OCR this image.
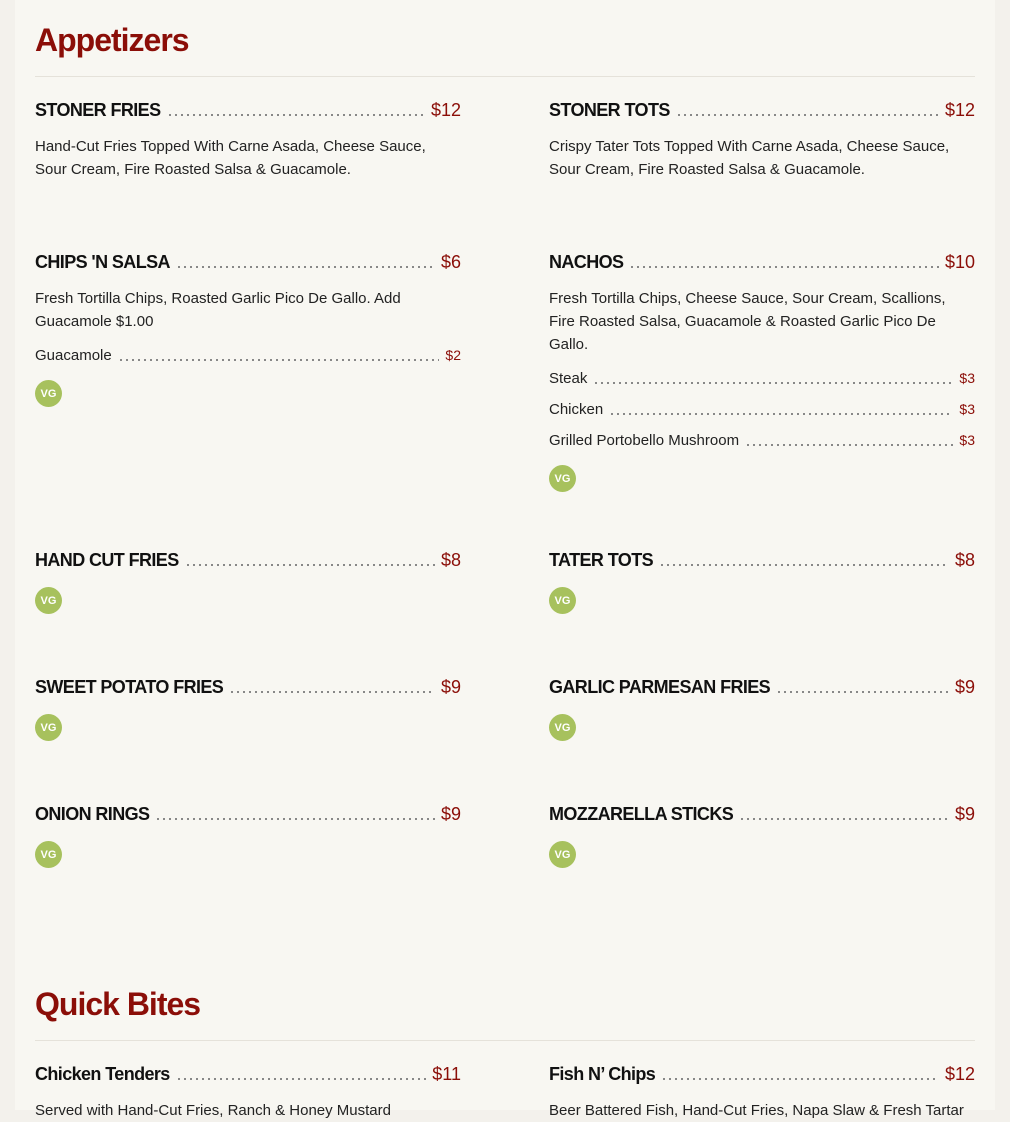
Appetizers
STONER FRIES	$12
Hand-Cut Fries Topped With Carne Asada, Cheese Sauce, Sour Cream, Fire Roasted Salsa & Guacamole.
STONER TOTS	$12
Crispy Tater Tots Topped With Carne Asada, Cheese Sauce, Sour Cream, Fire Roasted Salsa & Guacamole.
CHIPS 'N SALSA	$6
Fresh Tortilla Chips, Roasted Garlic Pico De Gallo. Add Guacamole $1.00
Guacamole	$2
VG
NACHOS	$10
Fresh Tortilla Chips, Cheese Sauce, Sour Cream, Scallions, Fire Roasted Salsa, Guacamole & Roasted Garlic Pico De Gallo.
Steak	$3
Chicken	$3
Grilled Portobello Mushroom	$3
VG
HAND CUT FRIES	$8
VG
TATER TOTS	$8
VG
SWEET POTATO FRIES	$9
VG
GARLIC PARMESAN FRIES	$9
VG
ONION RINGS	$9
VG
MOZZARELLA STICKS	$9
VG
Quick Bites
Chicken Tenders	$11
Served with Hand-Cut Fries, Ranch & Honey Mustard
Fish N’ Chips	$12
Beer Battered Fish, Hand-Cut Fries, Napa Slaw & Fresh Tartar
